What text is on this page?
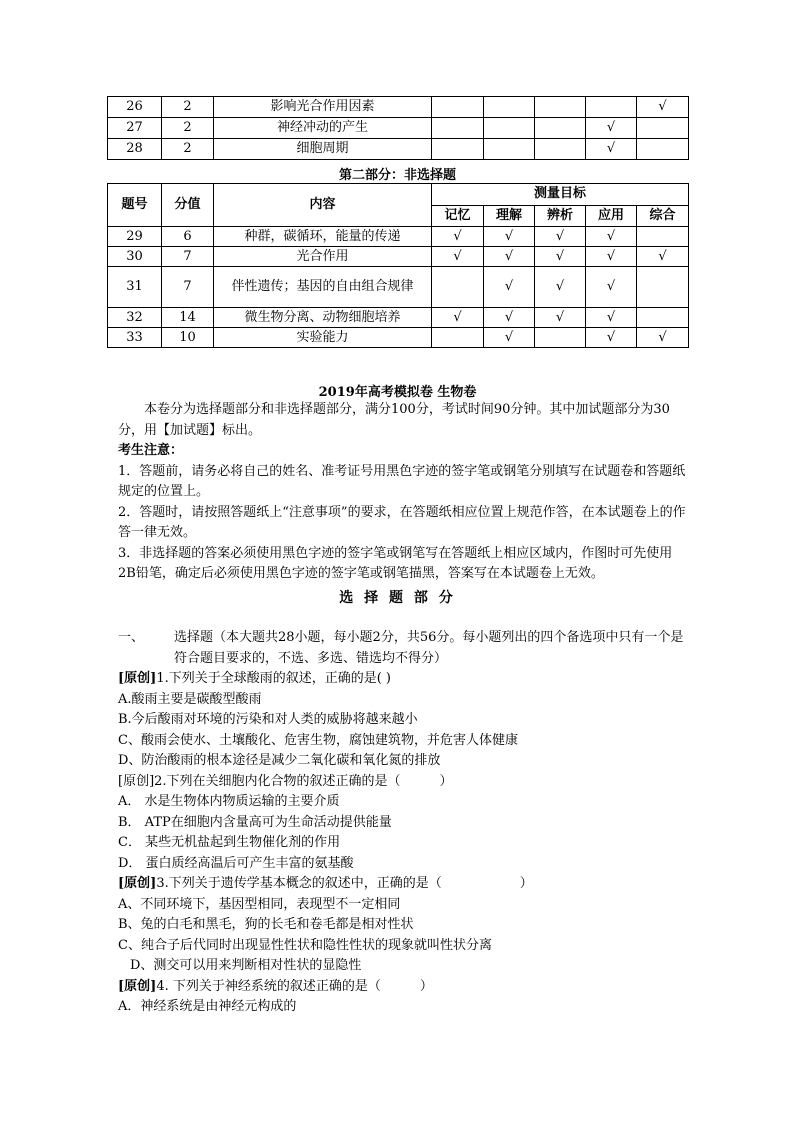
26	2	影响光合作用因素					√
27	2	神经冲动的产生				√	
28	2	细胞周期				√	
第二部分：非选择题
题号	分值	内容	测量目标				
			记忆	理解	辨析	应用	综合
29	6	种群，碳循环，能量的传递	√	√	√	√	
30	7	光合作用	√	√	√	√	√
31	7	伴性遗传；基因的自由组合规律		√	√	√	
32	14	微生物分离、动物细胞培养	√	√	√	√	
33	10	实验能力		√		√	√
2019年高考模拟卷 生物卷

本卷分为选择题部分和非选择题部分，满分100分，考试时间90分钟。其中加试题部分为30分，用【加试题】标出。

考生注意：

1．答题前，请务必将自己的姓名、准考证号用黑色字迹的签字笔或钢笔分别填写在试题卷和答题纸规定的位置上。

2．答题时，请按照答题纸上“注意事项”的要求，在答题纸相应位置上规范作答，在本试题卷上的作答一律无效。

3．非选择题的答案必须使用黑色字迹的签字笔或钢笔写在答题纸上相应区域内，作图时可先使用2B铅笔，确定后必须使用黑色字迹的签字笔或钢笔描黑，答案写在本试题卷上无效。

选 择 题 部 分
一、	选择题（本大题共28小题，每小题2分，共56分。每小题列出的四个备选项中只有一个是符合题目要求的，不选、多选、错选均不得分）

[原创]1.下列关于全球酸雨的叙述，正确的是( )

A.酸雨主要是碳酸型酸雨

B.今后酸雨对环境的污染和对人类的威胁将越来越小

C、酸雨会使水、土壤酸化、危害生物，腐蚀建筑物，并危害人体健康

D、防治酸雨的根本途径是减少二氧化碳和氧化氮的排放

[原创]2.下列在关细胞内化合物的叙述正确的是（　　　）

A． 水是生物体内物质运输的主要介质

B． ATP在细胞内含量高可为生命活动提供能量

C． 某些无机盐起到生物催化剂的作用

D． 蛋白质经高温后可产生丰富的氨基酸

[原创]3.下列关于遗传学基本概念的叙述中，正确的是（　　　　　　）

A、不同环境下，基因型相同，表现型不一定相同

B、兔的白毛和黑毛，狗的长毛和卷毛都是相对性状

C、纯合子后代同时出现显性性状和隐性性状的现象就叫性状分离

D、测交可以用来判断相对性状的显隐性

[原创]4. 下列关于神经系统的叙述正确的是（　　　）

A．神经系统是由神经元构成的
